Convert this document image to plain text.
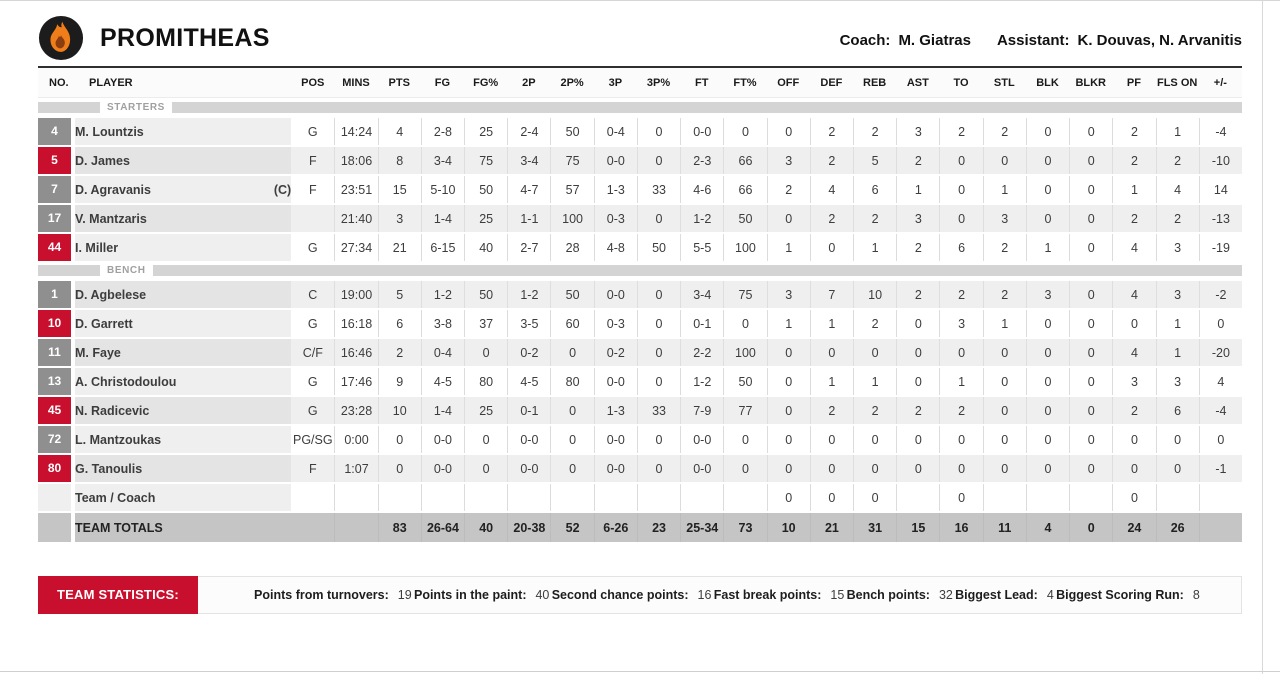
PROMITHEAS	Coach: M. Giatras Assistant: K. Douvas, N. Arvanitis
NO.	PLAYER	POS	MINS	PTS	FG	FG%	2P	2P%	3P	3P%	FT	FT%	OFF	DEF	REB	AST	TO	STL	BLK	BLKR	PF	FLS ON	+/-

STARTERS																							

4	M. Lountzis	G	14:24	4	2-8	25	2-4	50	0-4	0	0-0	0	0	2	2	3	2	2	0	0	2	1	-4

5	D. James	F	18:06	8	3-4	75	3-4	75	0-0	0	2-3	66	3	2	5	2	0	0	0	0	2	2	-10

7	D. Agravanis (C)	F	23:51	15	5-10	50	4-7	57	1-3	33	4-6	66	2	4	6	1	0	1	0	0	1	4	14

17	V. Mantzaris		21:40	3	1-4	25	1-1	100	0-3	0	1-2	50	0	2	2	3	0	3	0	0	2	2	-13

44	I. Miller	G	27:34	21	6-15	40	2-7	28	4-8	50	5-5	100	1	0	1	2	6	2	1	0	4	3	-19

BENCH																							

1	D. Agbelese	C	19:00	5	1-2	50	1-2	50	0-0	0	3-4	75	3	7	10	2	2	2	3	0	4	3	-2

10	D. Garrett	G	16:18	6	3-8	37	3-5	60	0-3	0	0-1	0	1	1	2	0	3	1	0	0	0	1	0

11	M. Faye	C/F	16:46	2	0-4	0	0-2	0	0-2	0	2-2	100	0	0	0	0	0	0	0	0	4	1	-20

13	A. Christodoulou	G	17:46	9	4-5	80	4-5	80	0-0	0	1-2	50	0	1	1	0	1	0	0	0	3	3	4

45	N. Radicevic	G	23:28	10	1-4	25	0-1	0	1-3	33	7-9	77	0	2	2	2	2	0	0	0	2	6	-4

72	L. Mantzoukas	PG/SG	0:00	0	0-0	0	0-0	0	0-0	0	0-0	0	0	0	0	0	0	0	0	0	0	0	0

80	G. Tanoulis	F	1:07	0	0-0	0	0-0	0	0-0	0	0-0	0	0	0	0	0	0	0	0	0	0	0	-1

	Team / Coach												0	0	0		0				0		

	TEAM TOTALS			83	26-64	40	20-38	52	6-26	23	25-34	73	10	21	31	15	16	11	4	0	24	26	
TEAM STATISTICS:	Points from turnovers: 19 Points in the paint: 40 Second chance points: 16 Fast break points: 15 Bench points: 32 Biggest Lead: 4 Biggest Scoring Run: 8
